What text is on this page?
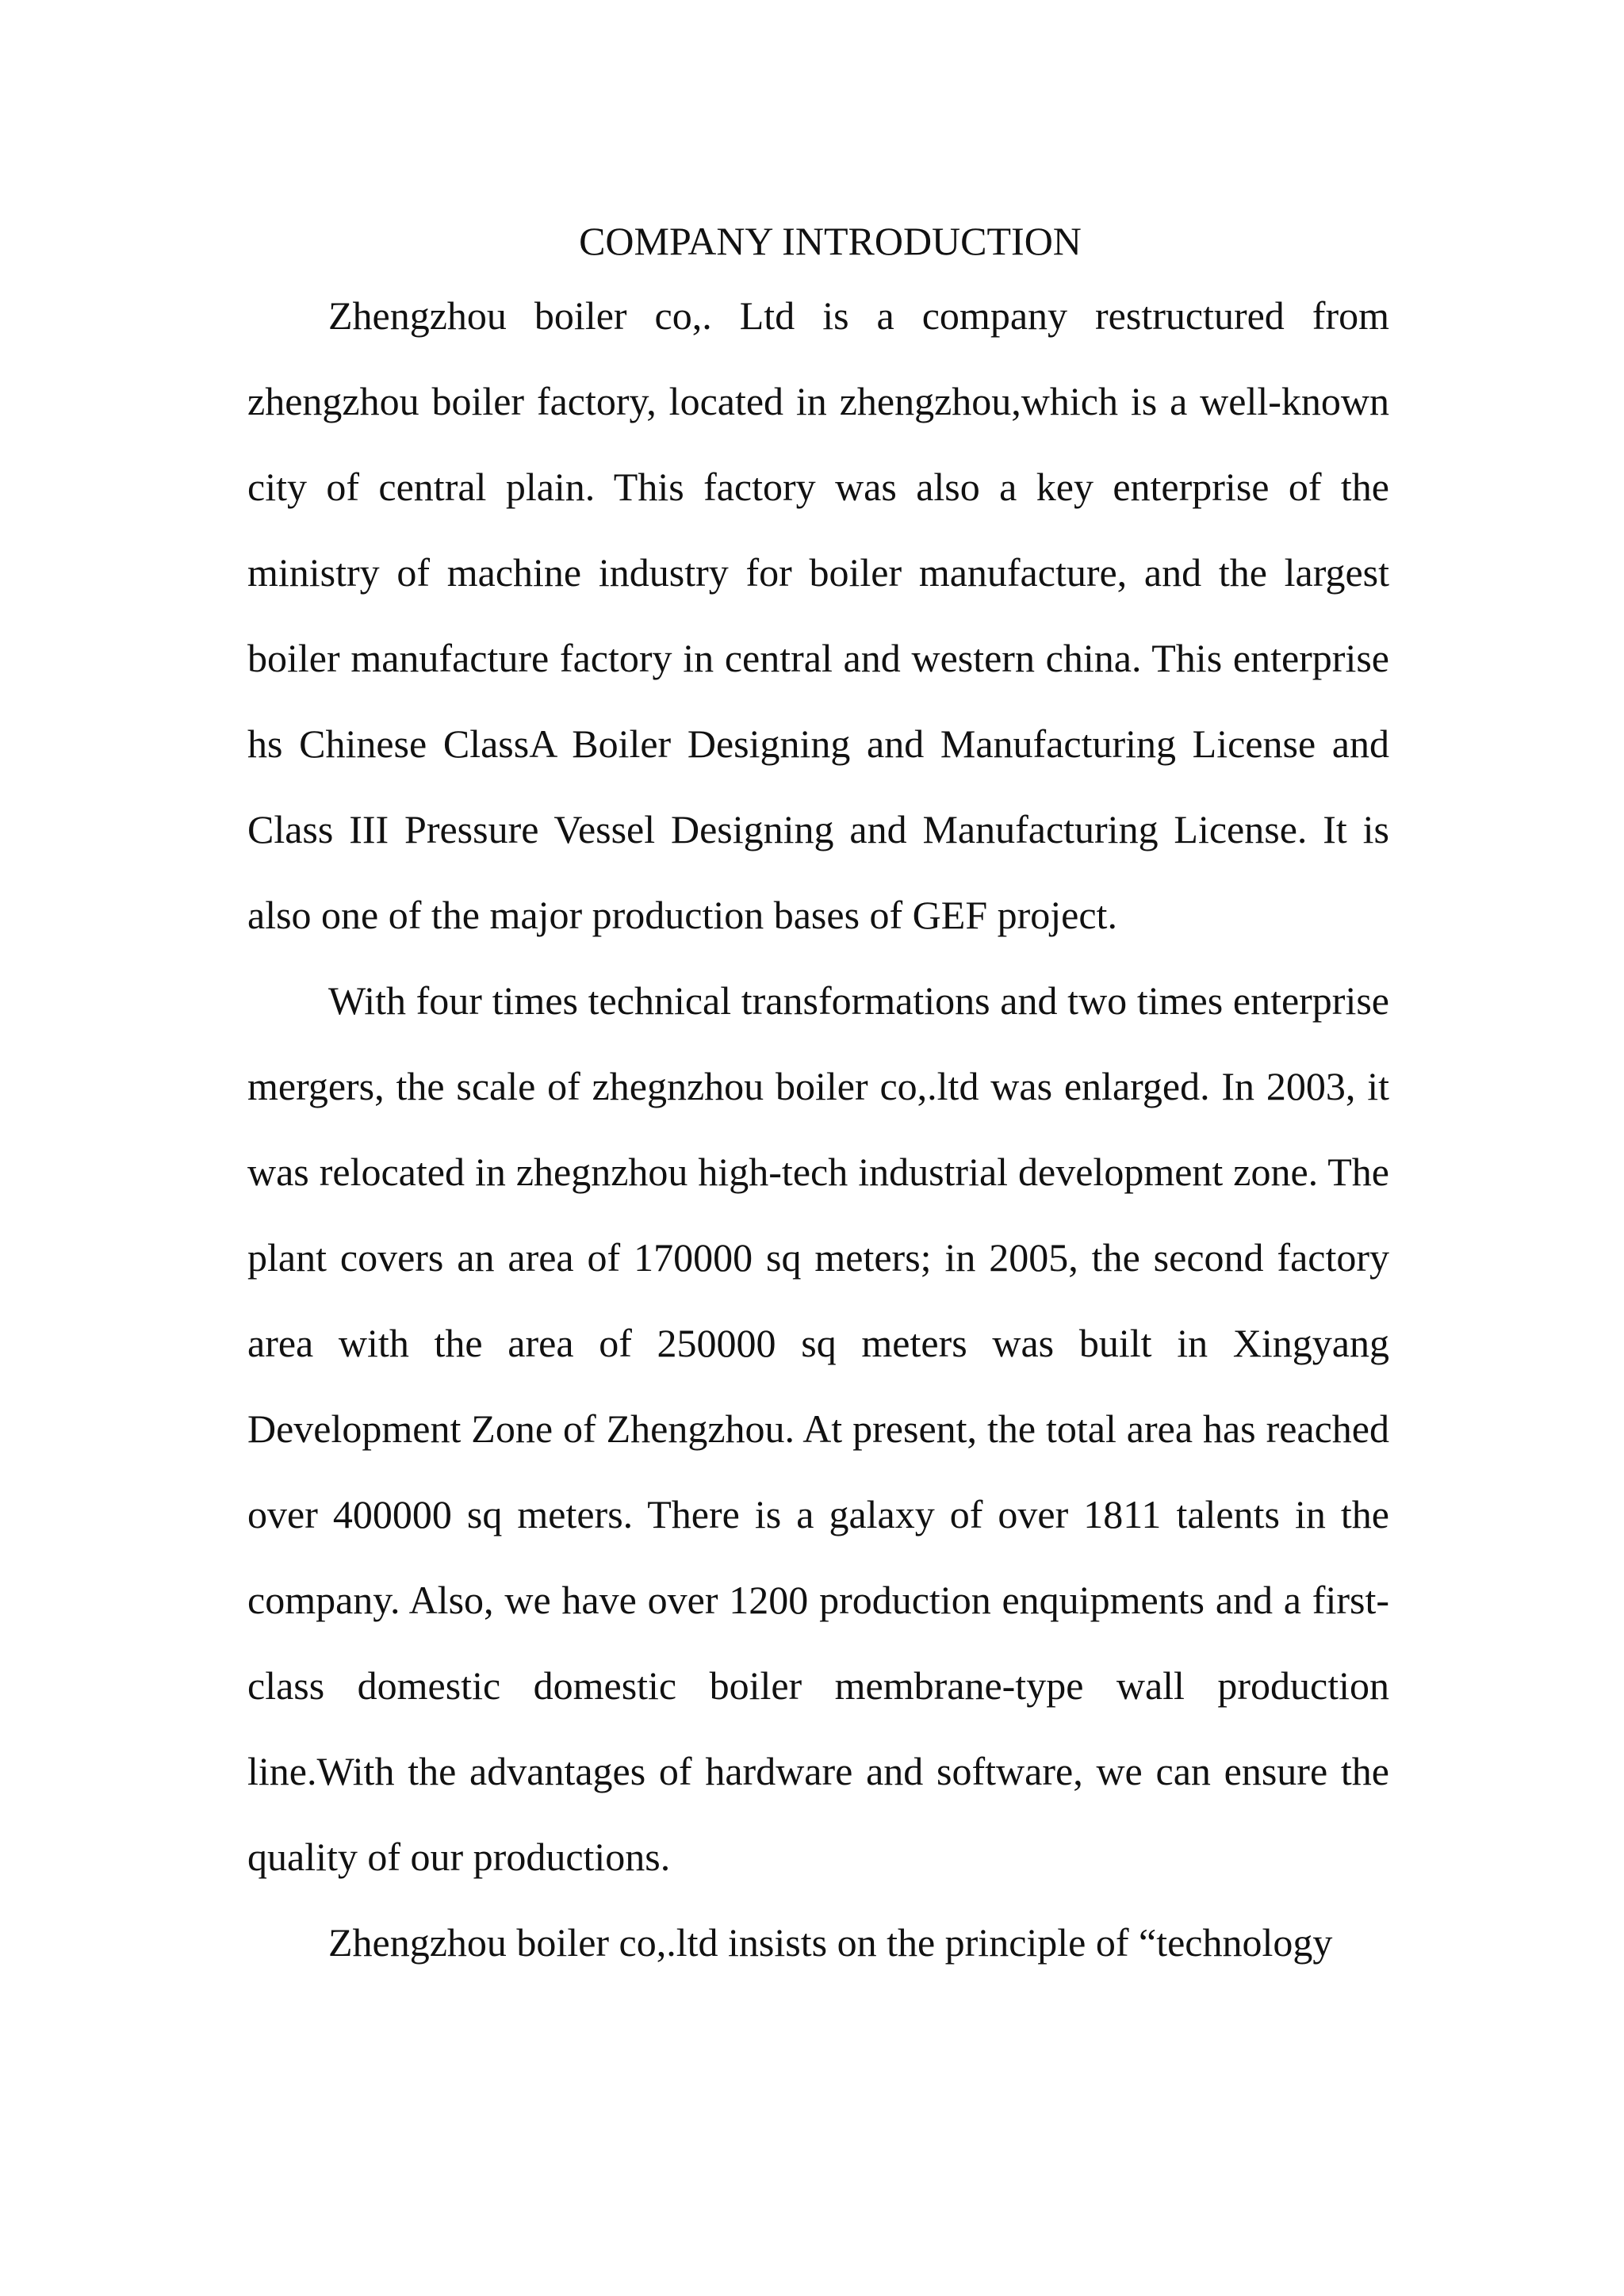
COMPANY INTRODUCTION

Zhengzhou boiler co,. Ltd is a company restructured from zhengzhou boiler factory, located in zhengzhou,which is a well-known city of central plain. This factory was also a key enterprise of the ministry of machine industry for boiler manufacture, and the largest boiler manufacture factory in central and western china. This enterprise hs Chinese ClassA Boiler Designing and Manufacturing License and Class III Pressure Vessel Designing and Manufacturing License. It is also one of the major production bases of GEF project.

With four times technical transformations and two times enterprise mergers, the scale of zhegnzhou boiler co,.ltd was enlarged. In 2003, it was relocated in zhegnzhou high-tech industrial development zone. The plant covers an area of 170000 sq meters; in 2005, the second factory area with the area of 250000 sq meters was built in Xingyang Development Zone of Zhengzhou. At present, the total area has reached over 400000 sq meters. There is a galaxy of over 1811 talents in the company. Also, we have over 1200 production enquipments and a first-class domestic domestic boiler membrane-type wall production line.With the advantages of hardware and software, we can ensure the quality of our productions.

Zhengzhou boiler co,.ltd insists on the principle of “technology
